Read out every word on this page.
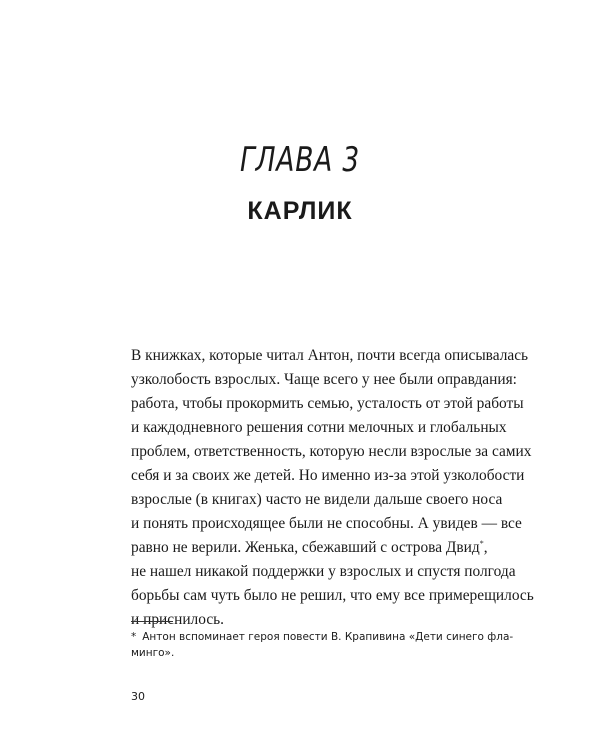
ГЛАВА 3
КАРЛИК
В книжках, которые читал Антон, почти всегда описывалась
узколобость взрослых. Чаще всего у нее были оправдания:
работа, чтобы прокормить семью, усталость от этой работы
и каждодневного решения сотни мелочных и глобальных
проблем, ответственность, которую несли взрослые за самих
себя и за своих же детей. Но именно из-за этой узколобости
взрослые (в книгах) часто не видели дальше своего носа
и понять происходящее были не способны. А увидев — все
равно не верили. Женька, сбежавший с острова Двид*,
не нашел никакой поддержки у взрослых и спустя полгода
борьбы сам чуть было не решил, что ему все примерещилось
и приснилось.
* Антон вспоминает героя повести В. Крапивина «Дети синего фла-
минго».
30
